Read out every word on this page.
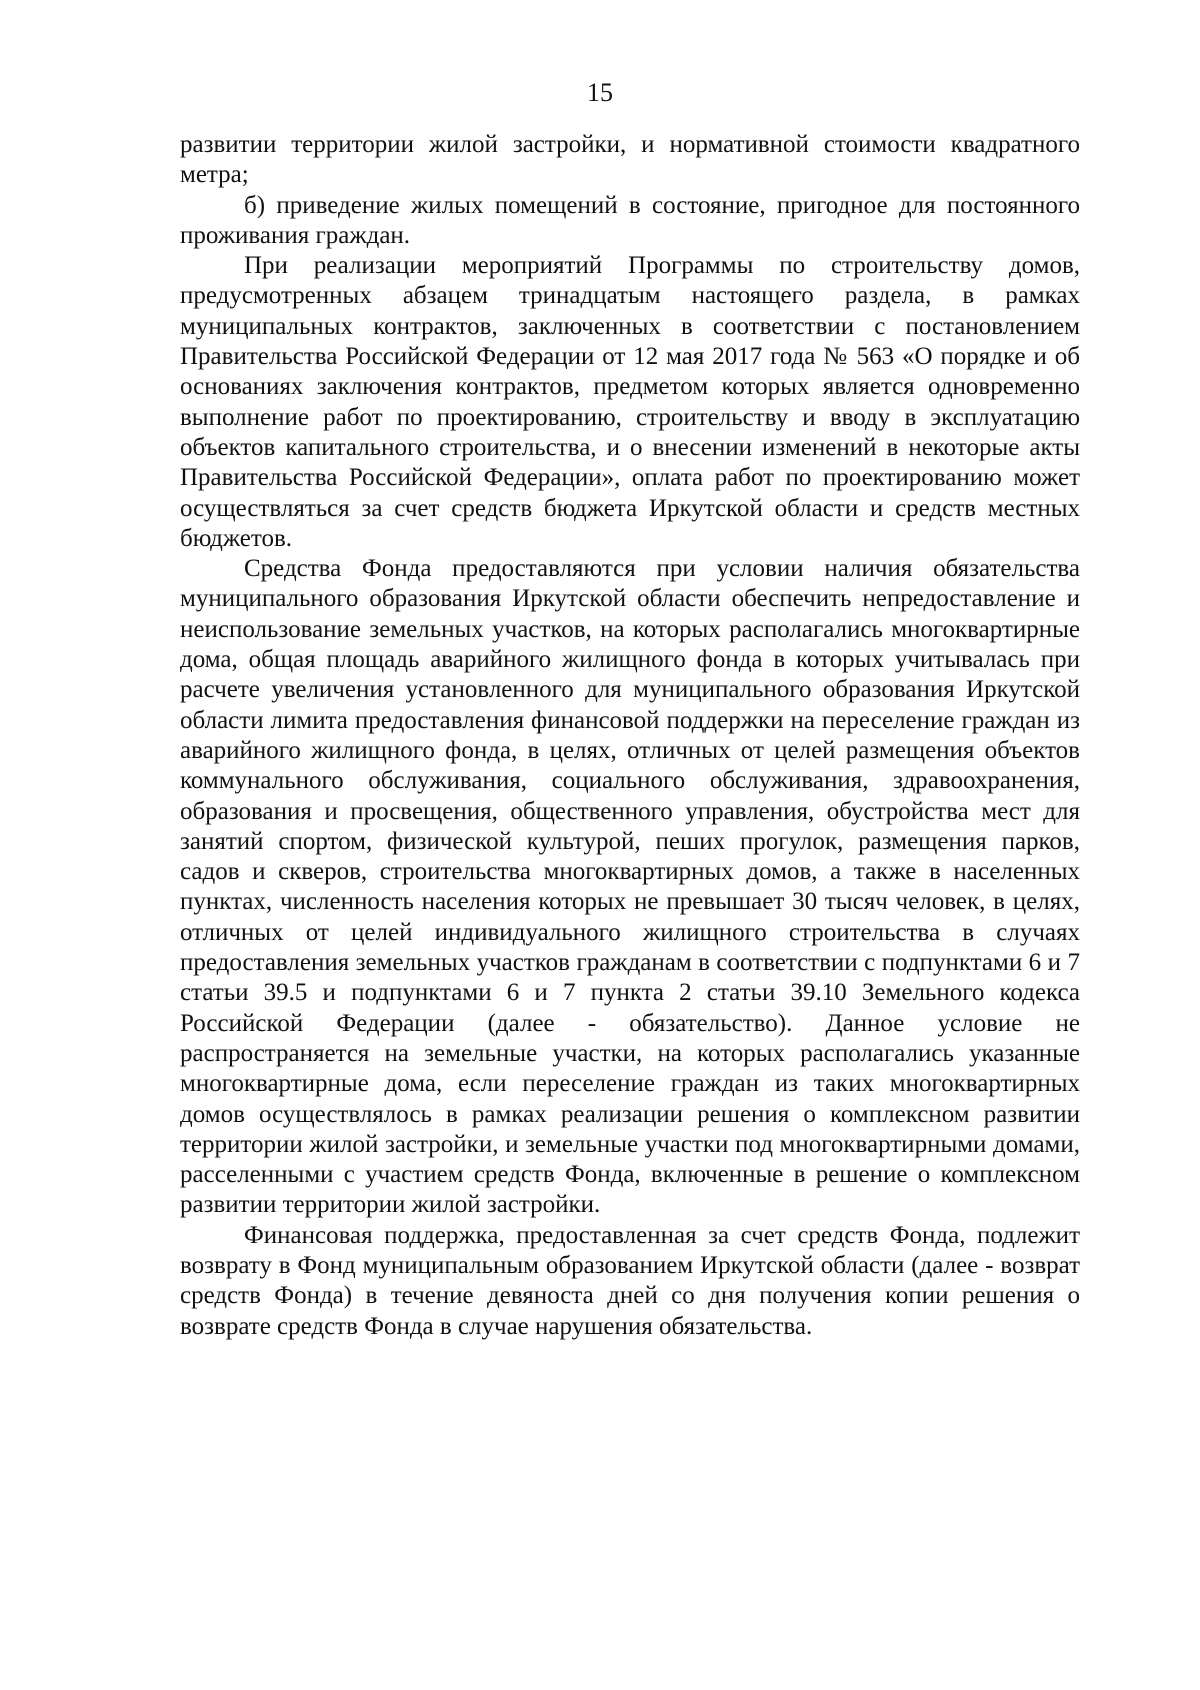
15

развитии территории жилой застройки, и нормативной стоимости квадратного метра;

б) приведение жилых помещений в состояние, пригодное для постоянного проживания граждан.

При реализации мероприятий Программы по строительству домов, предусмотренных абзацем тринадцатым настоящего раздела, в рамках муниципальных контрактов, заключенных в соответствии с постановлением Правительства Российской Федерации от 12 мая 2017 года № 563 «О порядке и об основаниях заключения контрактов, предметом которых является одновременно выполнение работ по проектированию, строительству и вводу в эксплуатацию объектов капитального строительства, и о внесении изменений в некоторые акты Правительства Российской Федерации», оплата работ по проектированию может осуществляться за счет средств бюджета Иркутской области и средств местных бюджетов.

Средства Фонда предоставляются при условии наличия обязательства муниципального образования Иркутской области обеспечить непредоставление и неиспользование земельных участков, на которых располагались многоквартирные дома, общая площадь аварийного жилищного фонда в которых учитывалась при расчете увеличения установленного для муниципального образования Иркутской области лимита предоставления финансовой поддержки на переселение граждан из аварийного жилищного фонда, в целях, отличных от целей размещения объектов коммунального обслуживания, социального обслуживания, здравоохранения, образования и просвещения, общественного управления, обустройства мест для занятий спортом, физической культурой, пеших прогулок, размещения парков, садов и скверов, строительства многоквартирных домов, а также в населенных пунктах, численность населения которых не превышает 30 тысяч человек, в целях, отличных от целей индивидуального жилищного строительства в случаях предоставления земельных участков гражданам в соответствии с подпунктами 6 и 7 статьи 39.5 и подпунктами 6 и 7 пункта 2 статьи 39.10 Земельного кодекса Российской Федерации (далее - обязательство). Данное условие не распространяется на земельные участки, на которых располагались указанные многоквартирные дома, если переселение граждан из таких многоквартирных домов осуществлялось в рамках реализации решения о комплексном развитии территории жилой застройки, и земельные участки под многоквартирными домами, расселенными с участием средств Фонда, включенные в решение о комплексном развитии территории жилой застройки.

Финансовая поддержка, предоставленная за счет средств Фонда, подлежит возврату в Фонд муниципальным образованием Иркутской области (далее - возврат средств Фонда) в течение девяноста дней со дня получения копии решения о возврате средств Фонда в случае нарушения обязательства.
